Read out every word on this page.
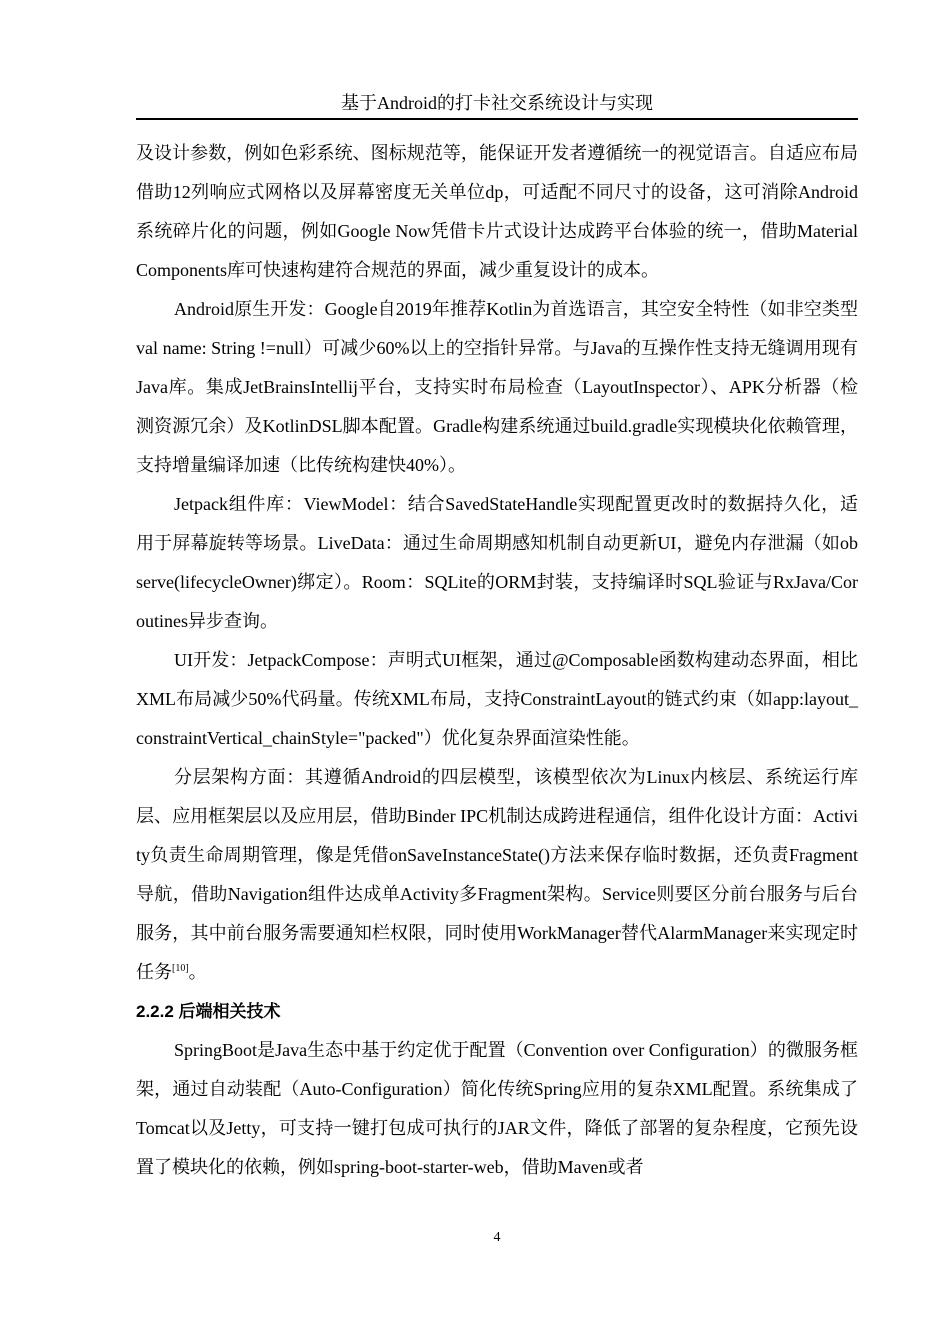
基于Android的打卡社交系统设计与实现

及设计参数，例如色彩系统、图标规范等，能保证开发者遵循统一的视觉语言。自适应布局借助12列响应式网格以及屏幕密度无关单位dp，可适配不同尺寸的设备，这可消除Android系统碎片化的问题，例如Google Now凭借卡片式设计达成跨平台体验的统一，借助Material Components库可快速构建符合规范的界面，减少重复设计的成本。

Android原生开发：Google自2019年推荐Kotlin为首选语言，其空安全特性（如非空类型val name: String !=null）可减少60%以上的空指针异常。与Java的互操作性支持无缝调用现有Java库。集成JetBrainsIntellij平台，支持实时布局检查（LayoutInspector）、APK分析器（检测资源冗余）及KotlinDSL脚本配置。Gradle构建系统通过build.gradle实现模块化依赖管理，支持增量编译加速（比传统构建快40%）。

Jetpack组件库：ViewModel：结合SavedStateHandle实现配置更改时的数据持久化，适用于屏幕旋转等场景。LiveData：通过生命周期感知机制自动更新UI，避免内存泄漏（如observe(lifecycleOwner)绑定）。Room：SQLite的ORM封装，支持编译时SQL验证与RxJava/Coroutines异步查询。

UI开发：JetpackCompose：声明式UI框架，通过@Composable函数构建动态界面，相比XML布局减少50%代码量。传统XML布局，支持ConstraintLayout的链式约束（如app:layout_constraintVertical_chainStyle="packed"）优化复杂界面渲染性能。

分层架构方面：其遵循Android的四层模型，该模型依次为Linux内核层、系统运行库层、应用框架层以及应用层，借助Binder IPC机制达成跨进程通信，组件化设计方面：Activity负责生命周期管理，像是凭借onSaveInstanceState()方法来保存临时数据，还负责Fragment导航，借助Navigation组件达成单Activity多Fragment架构。Service则要区分前台服务与后台服务，其中前台服务需要通知栏权限，同时使用WorkManager替代AlarmManager来实现定时任务[10]。

2.2.2 后端相关技术

SpringBoot是Java生态中基于约定优于配置（Convention over Configuration）的微服务框架，通过自动装配（Auto-Configuration）简化传统Spring应用的复杂XML配置。系统集成了Tomcat以及Jetty，可支持一键打包成可执行的JAR文件，降低了部署的复杂程度，它预先设置了模块化的依赖，例如spring-boot-starter-web，借助Maven或者

4
